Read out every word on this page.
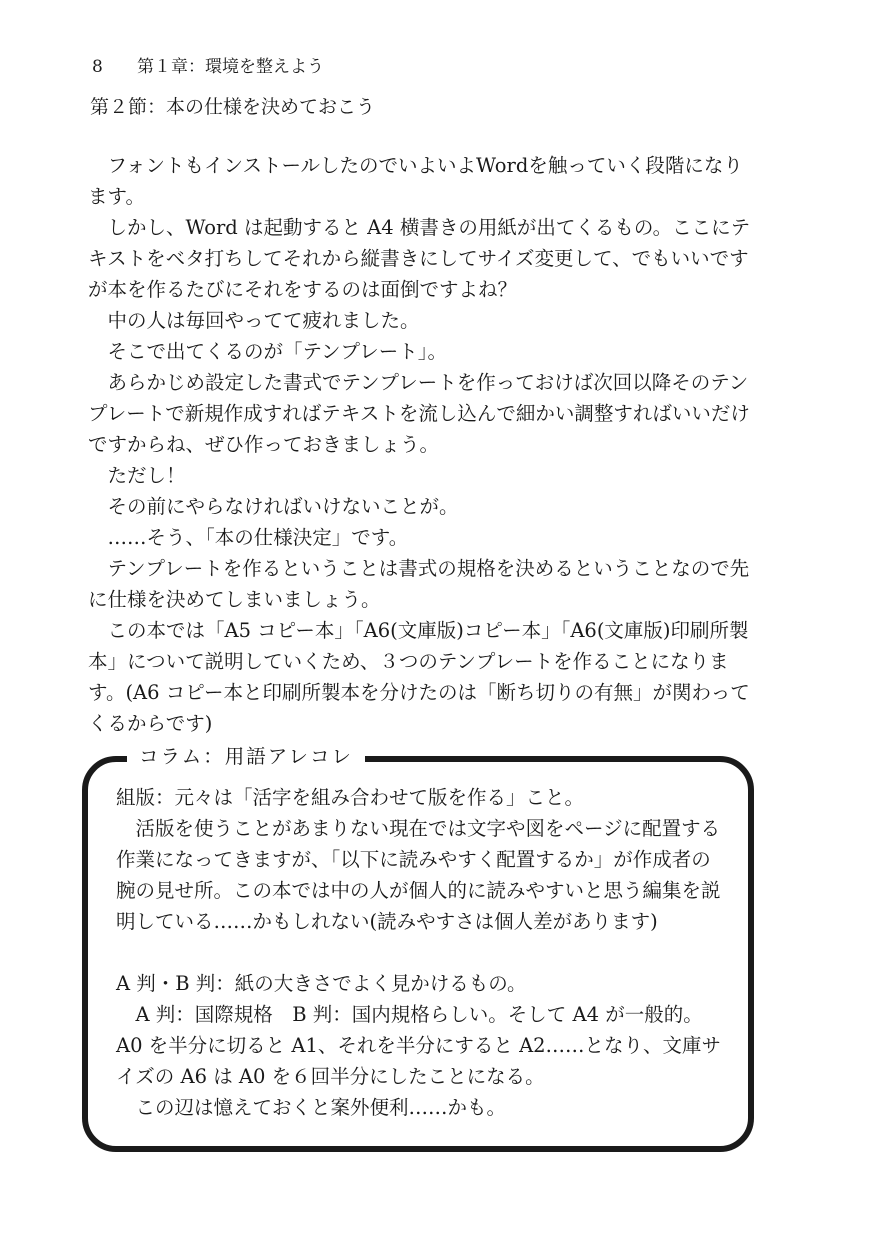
8 第１章：環境を整えよう
第２節：本の仕様を決めておこう

フォントもインストールしたのでいよいよWordを触っていく段階になります。

しかし、Word は起動すると A4 横書きの用紙が出てくるもの。ここにテキストをベタ打ちしてそれから縦書きにしてサイズ変更して、でもいいですが本を作るたびにそれをするのは面倒ですよね？

中の人は毎回やってて疲れました。

そこで出てくるのが「テンプレート」。

あらかじめ設定した書式でテンプレートを作っておけば次回以降そのテンプレートで新規作成すればテキストを流し込んで細かい調整すればいいだけですからね、ぜひ作っておきましょう。

ただし！

その前にやらなければいけないことが。

……そう、「本の仕様決定」です。

テンプレートを作るということは書式の規格を決めるということなので先に仕様を決めてしまいましょう。

この本では「A5 コピー本」「A6(文庫版)コピー本」「A6(文庫版)印刷所製本」について説明していくため、３つのテンプレートを作ることになります。(A6 コピー本と印刷所製本を分けたのは「断ち切りの有無」が関わってくるからです)

コラム：用語アレコレ

組版：元々は「活字を組み合わせて版を作る」こと。

活版を使うことがあまりない現在では文字や図をページに配置する作業になってきますが、「以下に読みやすく配置するか」が作成者の腕の見せ所。この本では中の人が個人的に読みやすいと思う編集を説明している……かもしれない(読みやすさは個人差があります)

A 判・B 判：紙の大きさでよく見かけるもの。

A 判：国際規格　B 判：国内規格らしい。そして A4 が一般的。A0 を半分に切ると A1、それを半分にすると A2……となり、文庫サイズの A6 は A0 を６回半分にしたことになる。

この辺は憶えておくと案外便利……かも。
